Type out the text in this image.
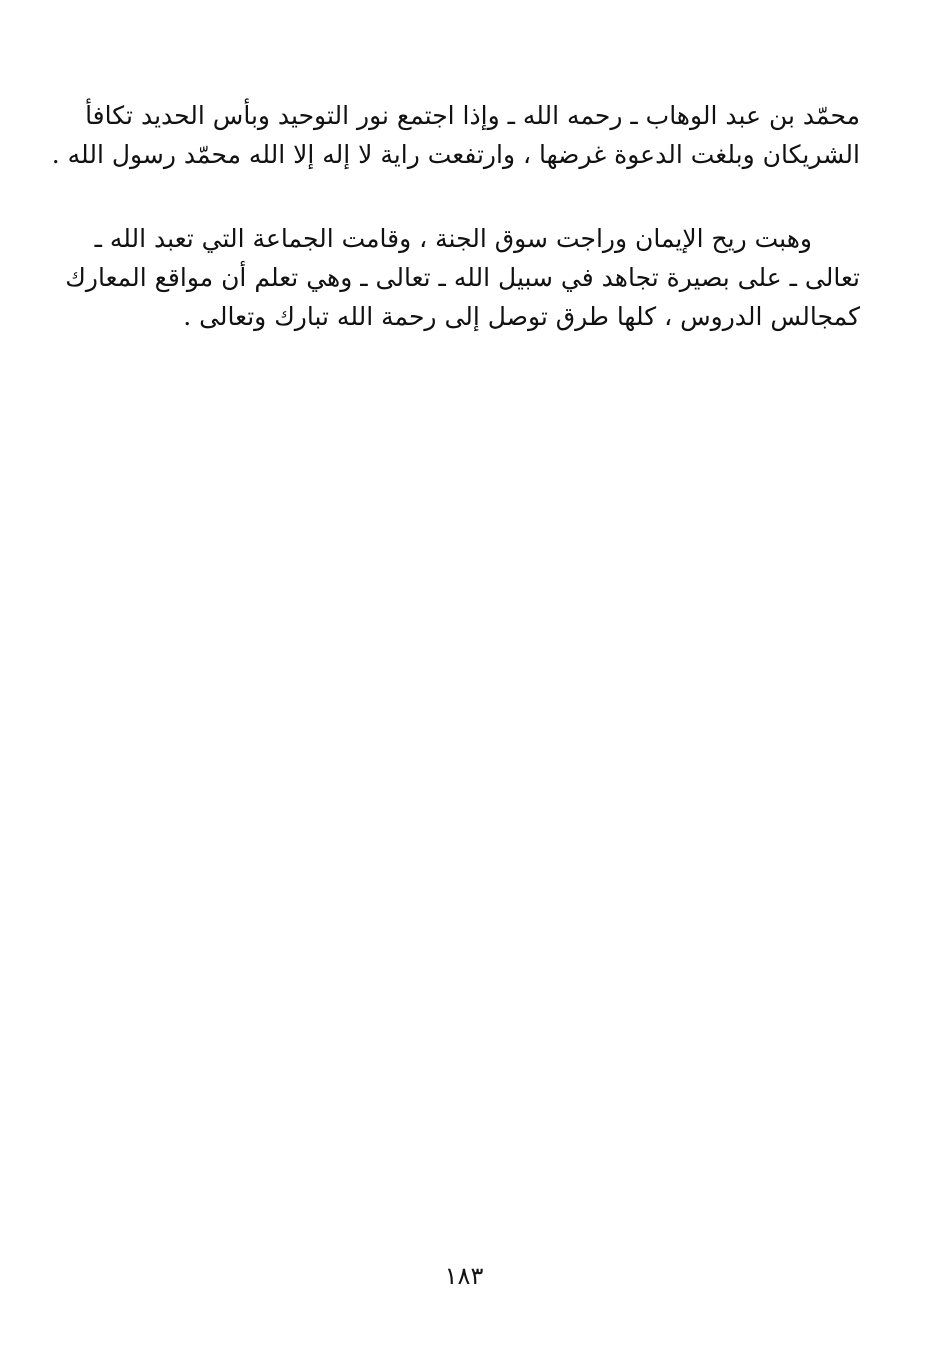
محمّد بن عبد الوهاب ـ رحمه الله ـ وإذا اجتمع نور التوحيد وبأس الحديد تكافأ
الشريكان وبلغت الدعوة غرضها ، وارتفعت راية لا إله إلا الله محمّد رسول الله .
وهبت ريح الإيمان وراجت سوق الجنة ، وقامت الجماعة التي تعبد الله ـ
تعالى ـ على بصيرة تجاهد في سبيل الله ـ تعالى ـ وهي تعلم أن مواقع المعارك
كمجالس الدروس ، كلها طرق توصل إلى رحمة الله تبارك وتعالى .
١٨٣
